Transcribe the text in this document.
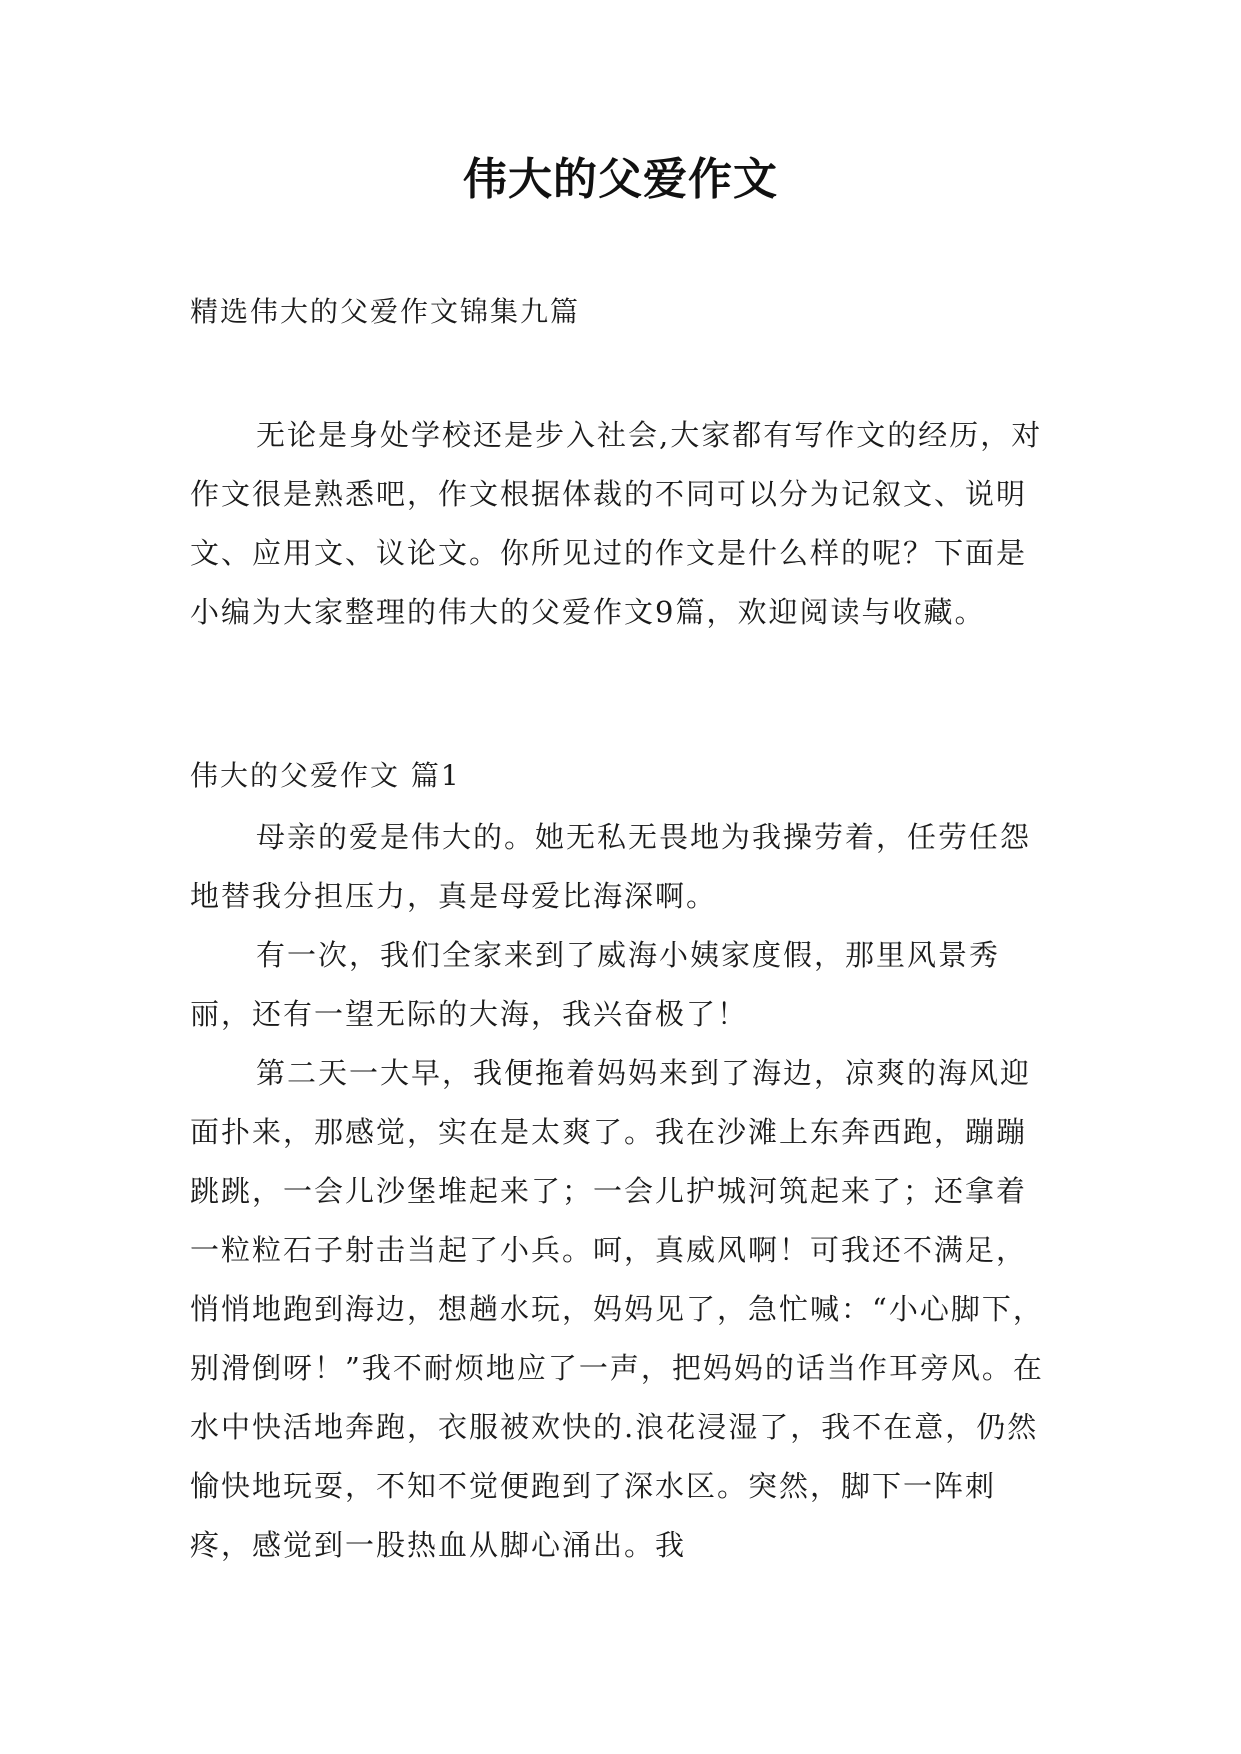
伟大的父爱作文
精选伟大的父爱作文锦集九篇
无论是身处学校还是步入社会,大家都有写作文的经历，对作文很是熟悉吧，作文根据体裁的不同可以分为记叙文、说明文、应用文、议论文。你所见过的作文是什么样的呢？下面是小编为大家整理的伟大的父爱作文9篇，欢迎阅读与收藏。
伟大的父爱作文 篇1

母亲的爱是伟大的。她无私无畏地为我操劳着，任劳任怨地替我分担压力，真是母爱比海深啊。

有一次，我们全家来到了威海小姨家度假，那里风景秀丽，还有一望无际的大海，我兴奋极了！

第二天一大早，我便拖着妈妈来到了海边，凉爽的海风迎面扑来，那感觉，实在是太爽了。我在沙滩上东奔西跑，蹦蹦跳跳，一会儿沙堡堆起来了；一会儿护城河筑起来了；还拿着一粒粒石子射击当起了小兵。呵，真威风啊！可我还不满足，悄悄地跑到海边，想趟水玩，妈妈见了，急忙喊：“小心脚下，别滑倒呀！”我不耐烦地应了一声，把妈妈的话当作耳旁风。在水中快活地奔跑，衣服被欢快的.浪花浸湿了，我不在意，仍然愉快地玩耍，不知不觉便跑到了深水区。突然，脚下一阵刺疼，感觉到一股热血从脚心涌出。我
